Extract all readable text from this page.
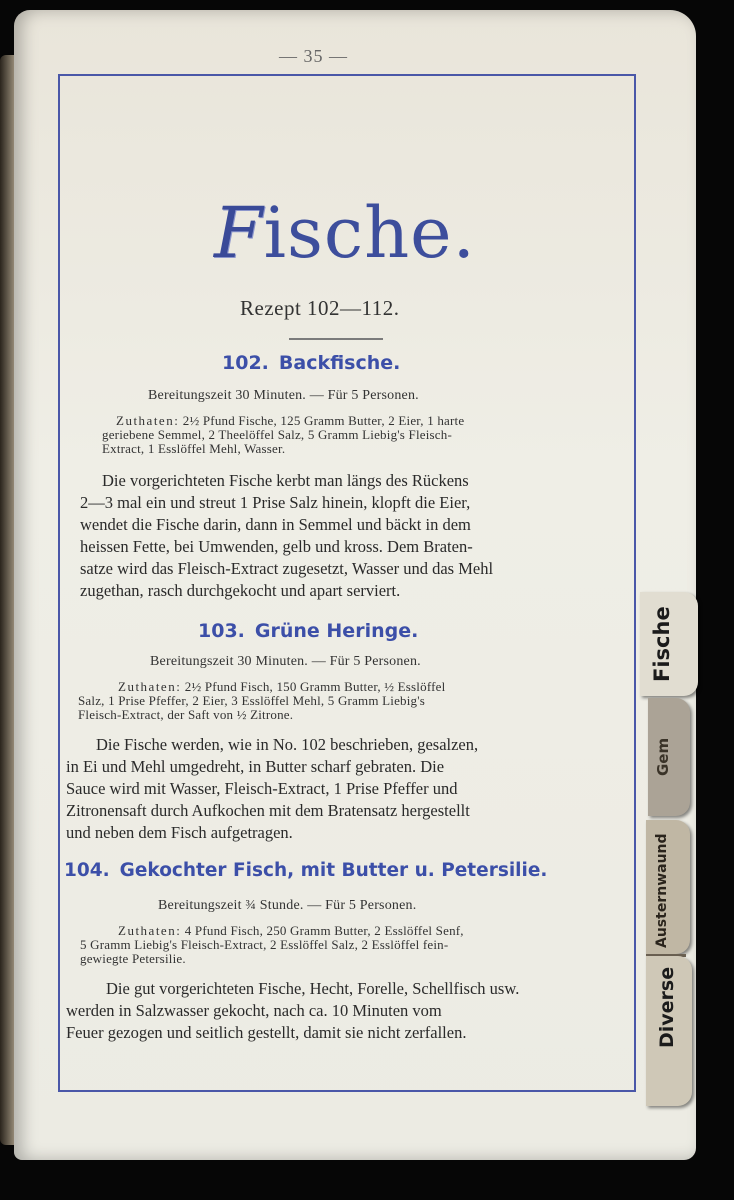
— 35 —
Fische.
Rezept 102—112.
102. Backfische.
Bereitungszeit 30 Minuten. — Für 5 Personen.
Zuthaten: 2½ Pfund Fische, 125 Gramm Butter, 2 Eier, 1 harte
geriebene Semmel, 2 Theelöffel Salz, 5 Gramm Liebig's Fleisch-
Extract, 1 Esslöffel Mehl, Wasser.
Die vorgerichteten Fische kerbt man längs des Rückens
2—3 mal ein und streut 1 Prise Salz hinein, klopft die Eier,
wendet die Fische darin, dann in Semmel und bäckt in dem
heissen Fette, bei Umwenden, gelb und kross. Dem Braten-
satze wird das Fleisch-Extract zugesetzt, Wasser und das Mehl
zugethan, rasch durchgekocht und apart serviert.
103. Grüne Heringe.
Bereitungszeit 30 Minuten. — Für 5 Personen.
Zuthaten: 2½ Pfund Fisch, 150 Gramm Butter, ½ Esslöffel
Salz, 1 Prise Pfeffer, 2 Eier, 3 Esslöffel Mehl, 5 Gramm Liebig's
Fleisch-Extract, der Saft von ½ Zitrone.
Die Fische werden, wie in No. 102 beschrieben, gesalzen,
in Ei und Mehl umgedreht, in Butter scharf gebraten. Die
Sauce wird mit Wasser, Fleisch-Extract, 1 Prise Pfeffer und
Zitronensaft durch Aufkochen mit dem Bratensatz hergestellt
und neben dem Fisch aufgetragen.
104. Gekochter Fisch, mit Butter u. Petersilie.
Bereitungszeit ¾ Stunde. — Für 5 Personen.
Zuthaten: 4 Pfund Fisch, 250 Gramm Butter, 2 Esslöffel Senf,
5 Gramm Liebig's Fleisch-Extract, 2 Esslöffel Salz, 2 Esslöffel fein-
gewiegte Petersilie.
Die gut vorgerichteten Fische, Hecht, Forelle, Schellfisch usw.
werden in Salzwasser gekocht, nach ca. 10 Minuten vom
Feuer gezogen und seitlich gestellt, damit sie nicht zerfallen.
Fische
Gem
Austernwaund
Diverse
